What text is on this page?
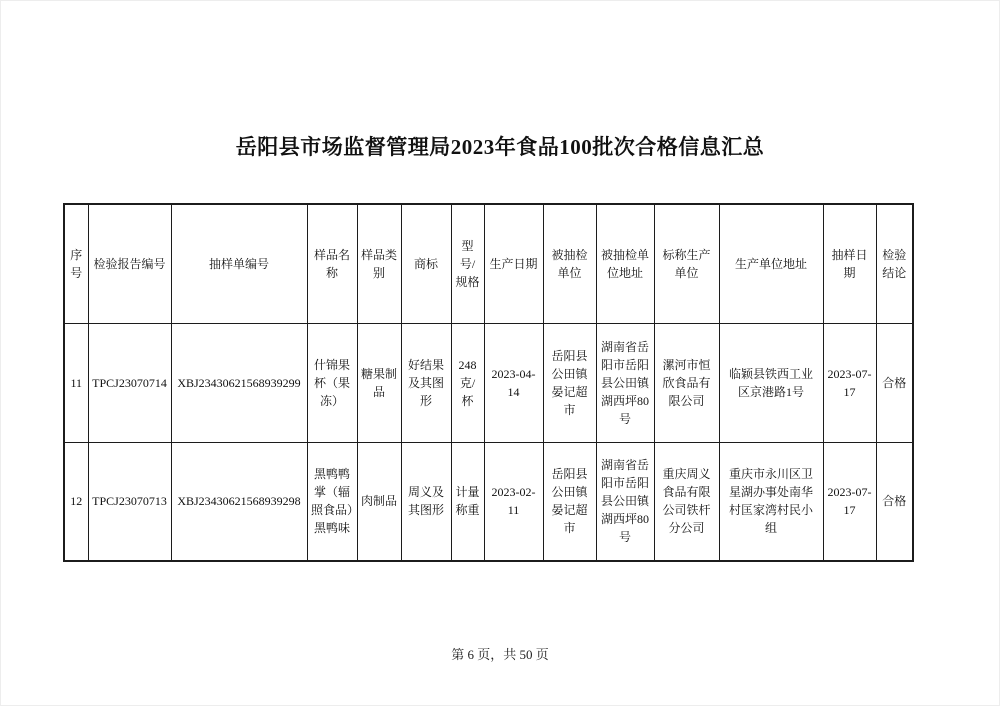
岳阳县市场监督管理局2023年食品100批次合格信息汇总
序号	检验报告编号	抽样单编号	样品名称	样品类别	商标	型号/规格	生产日期	被抽检单位	被抽检单位地址	标称生产单位	生产单位地址	抽样日期	检验结论
11	TPCJ23070714	XBJ23430621568939299	什锦果杯（果冻）	糖果制品	好结果及其图形	248克/杯	2023-04-14	岳阳县公田镇晏记超市	湖南省岳阳市岳阳县公田镇湖西坪80号	漯河市恒欣食品有限公司	临颖县铁西工业区京港路1号	2023-07-17	合格
12	TPCJ23070713	XBJ23430621568939298	黑鸭鸭掌（辐照食品）黑鸭味	肉制品	周义及其图形	计量称重	2023-02-11	岳阳县公田镇晏记超市	湖南省岳阳市岳阳县公田镇湖西坪80号	重庆周义食品有限公司铁杆分公司	重庆市永川区卫星湖办事处南华村匡家湾村民小组	2023-07-17	合格
第 6 页，共 50 页
